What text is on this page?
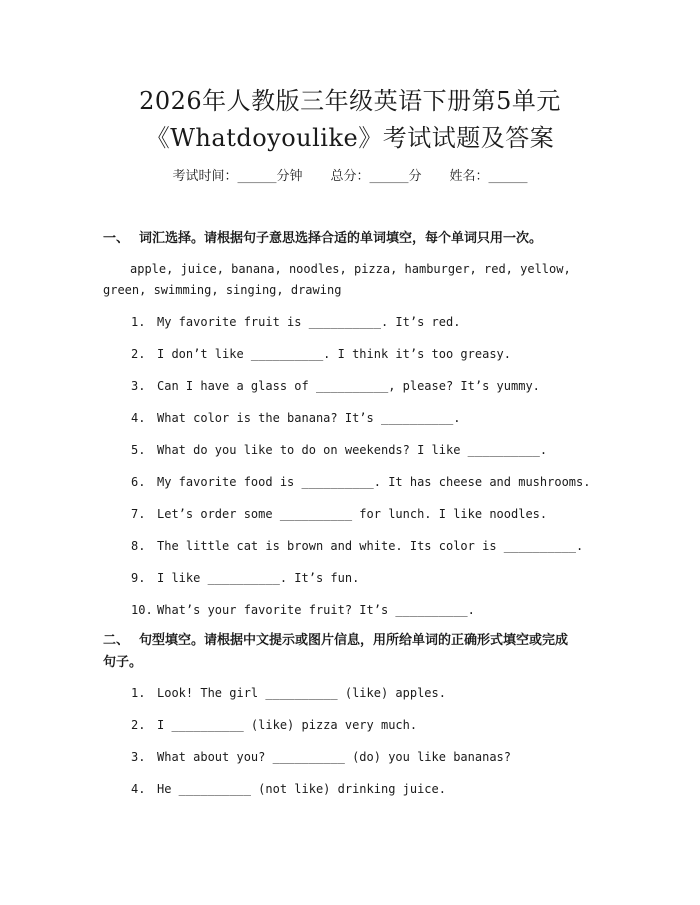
2026年人教版三年级英语下册第5单元
《Whatdoyoulike》考试试题及答案
考试时间：______分钟 总分：______分 姓名：______
一、 词汇选择。请根据句子意思选择合适的单词填空，每个单词只用一次。
apple, juice, banana, noodles, pizza, hamburger, red, yellow, green, swimming, singing, drawing
1. My favorite fruit is __________. It’s red.
2. I don’t like __________. I think it’s too greasy.
3. Can I have a glass of __________, please? It’s yummy.
4. What color is the banana? It’s __________.
5. What do you like to do on weekends? I like __________.
6. My favorite food is __________. It has cheese and mushrooms.
7. Let’s order some __________ for lunch. I like noodles.
8. The little cat is brown and white. Its color is __________.
9. I like __________. It’s fun.
10. What’s your favorite fruit? It’s __________.
二、 句型填空。请根据中文提示或图片信息，用所给单词的正确形式填空或完成
句子。
1. Look! The girl __________ (like) apples.
2. I __________ (like) pizza very much.
3. What about you? __________ (do) you like bananas?
4. He __________ (not like) drinking juice.
